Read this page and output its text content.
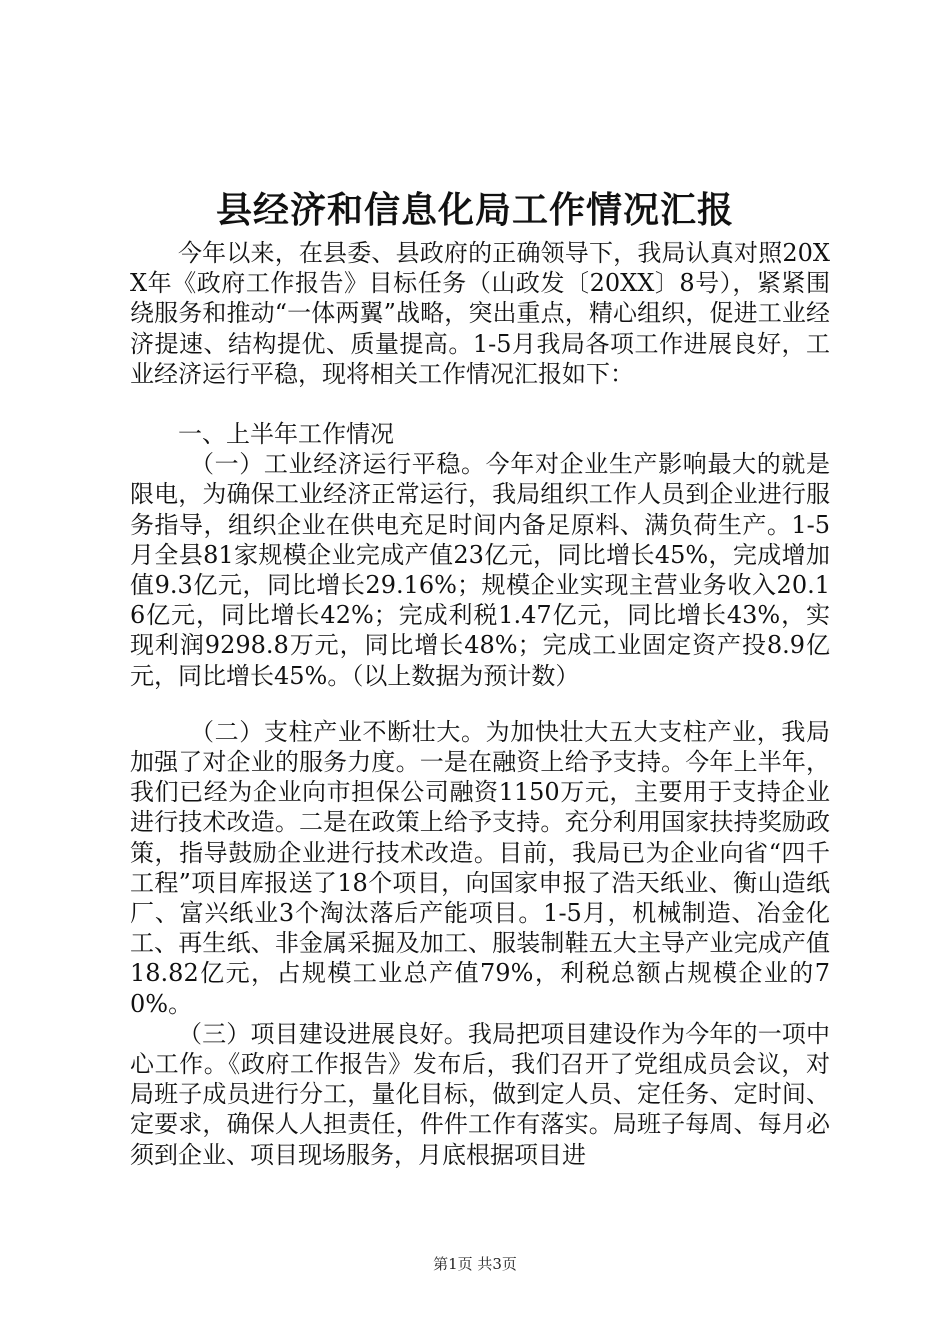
县经济和信息化局工作情况汇报

今年以来，在县委、县政府的正确领导下，我局认真对照20XX年《政府工作报告》目标任务（山政发〔20XX〕8号），紧紧围绕服务和推动“一体两翼”战略，突出重点，精心组织，促进工业经济提速、结构提优、质量提高。1-5月我局各项工作进展良好，工业经济运行平稳，现将相关工作情况汇报如下：

一、上半年工作情况

（一）工业经济运行平稳。今年对企业生产影响最大的就是限电，为确保工业经济正常运行，我局组织工作人员到企业进行服务指导，组织企业在供电充足时间内备足原料、满负荷生产。1-5月全县81家规模企业完成产值23亿元，同比增长45%，完成增加值9.3亿元，同比增长29.16%；规模企业实现主营业务收入20.16亿元，同比增长42%；完成利税1.47亿元，同比增长43%，实现利润9298.8万元，同比增长48%；完成工业固定资产投8.9亿元，同比增长45%。（以上数据为预计数）

（二）支柱产业不断壮大。为加快壮大五大支柱产业，我局加强了对企业的服务力度。一是在融资上给予支持。今年上半年，我们已经为企业向市担保公司融资1150万元，主要用于支持企业进行技术改造。二是在政策上给予支持。充分利用国家扶持奖励政策，指导鼓励企业进行技术改造。目前，我局已为企业向省“四千工程”项目库报送了18个项目，向国家申报了浩天纸业、衡山造纸厂、富兴纸业3个淘汰落后产能项目。1-5月，机械制造、冶金化工、再生纸、非金属采掘及加工、服装制鞋五大主导产业完成产值18.82亿元，占规模工业总产值79%，利税总额占规模企业的70%。

（三）项目建设进展良好。我局把项目建设作为今年的一项中心工作。《政府工作报告》发布后，我们召开了党组成员会议，对局班子成员进行分工，量化目标，做到定人员、定任务、定时间、定要求，确保人人担责任，件件工作有落实。局班子每周、每月必须到企业、项目现场服务，月底根据项目进

第1页 共3页
